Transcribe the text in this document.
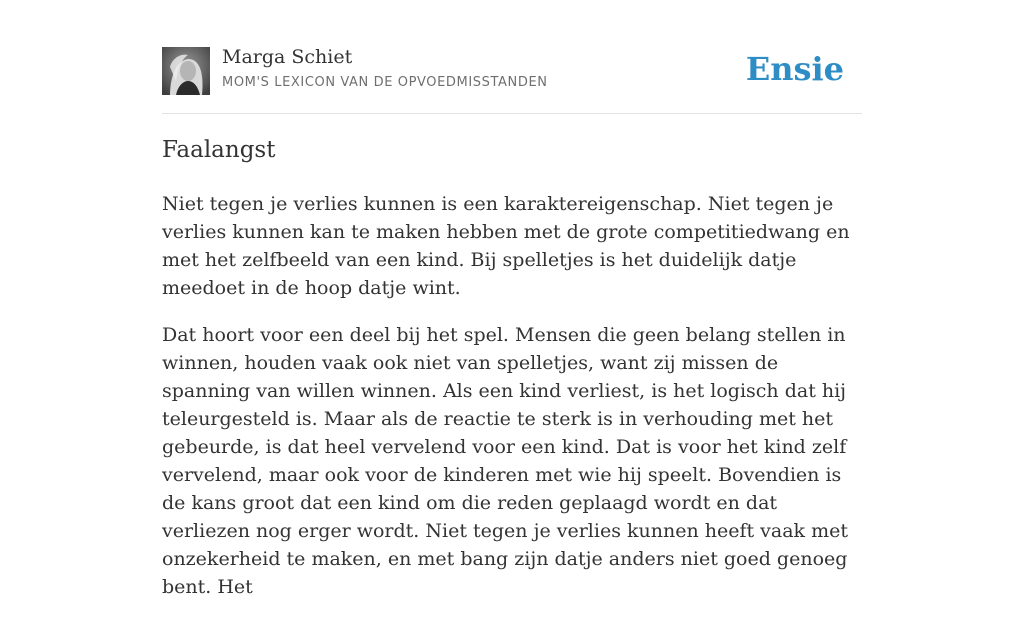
Marga Schiet
MOM'S LEXICON VAN DE OPVOEDMISSTANDEN	Ensie
Faalangst

Niet tegen je verlies kunnen is een karaktereigenschap. Niet tegen je verlies kunnen kan te maken hebben met de grote competitiedwang en met het zelfbeeld van een kind. Bij spelletjes is het duidelijk datje meedoet in de hoop datje wint.

Dat hoort voor een deel bij het spel. Mensen die geen belang stellen in winnen, houden vaak ook niet van spelletjes, want zij missen de spanning van willen winnen. Als een kind verliest, is het logisch dat hij teleurgesteld is. Maar als de reactie te sterk is in verhouding met het gebeurde, is dat heel vervelend voor een kind. Dat is voor het kind zelf vervelend, maar ook voor de kinderen met wie hij speelt. Bovendien is de kans groot dat een kind om die reden geplaagd wordt en dat verliezen nog erger wordt. Niet tegen je verlies kunnen heeft vaak met onzekerheid te maken, en met bang zijn datje anders niet goed genoeg bent. Het
